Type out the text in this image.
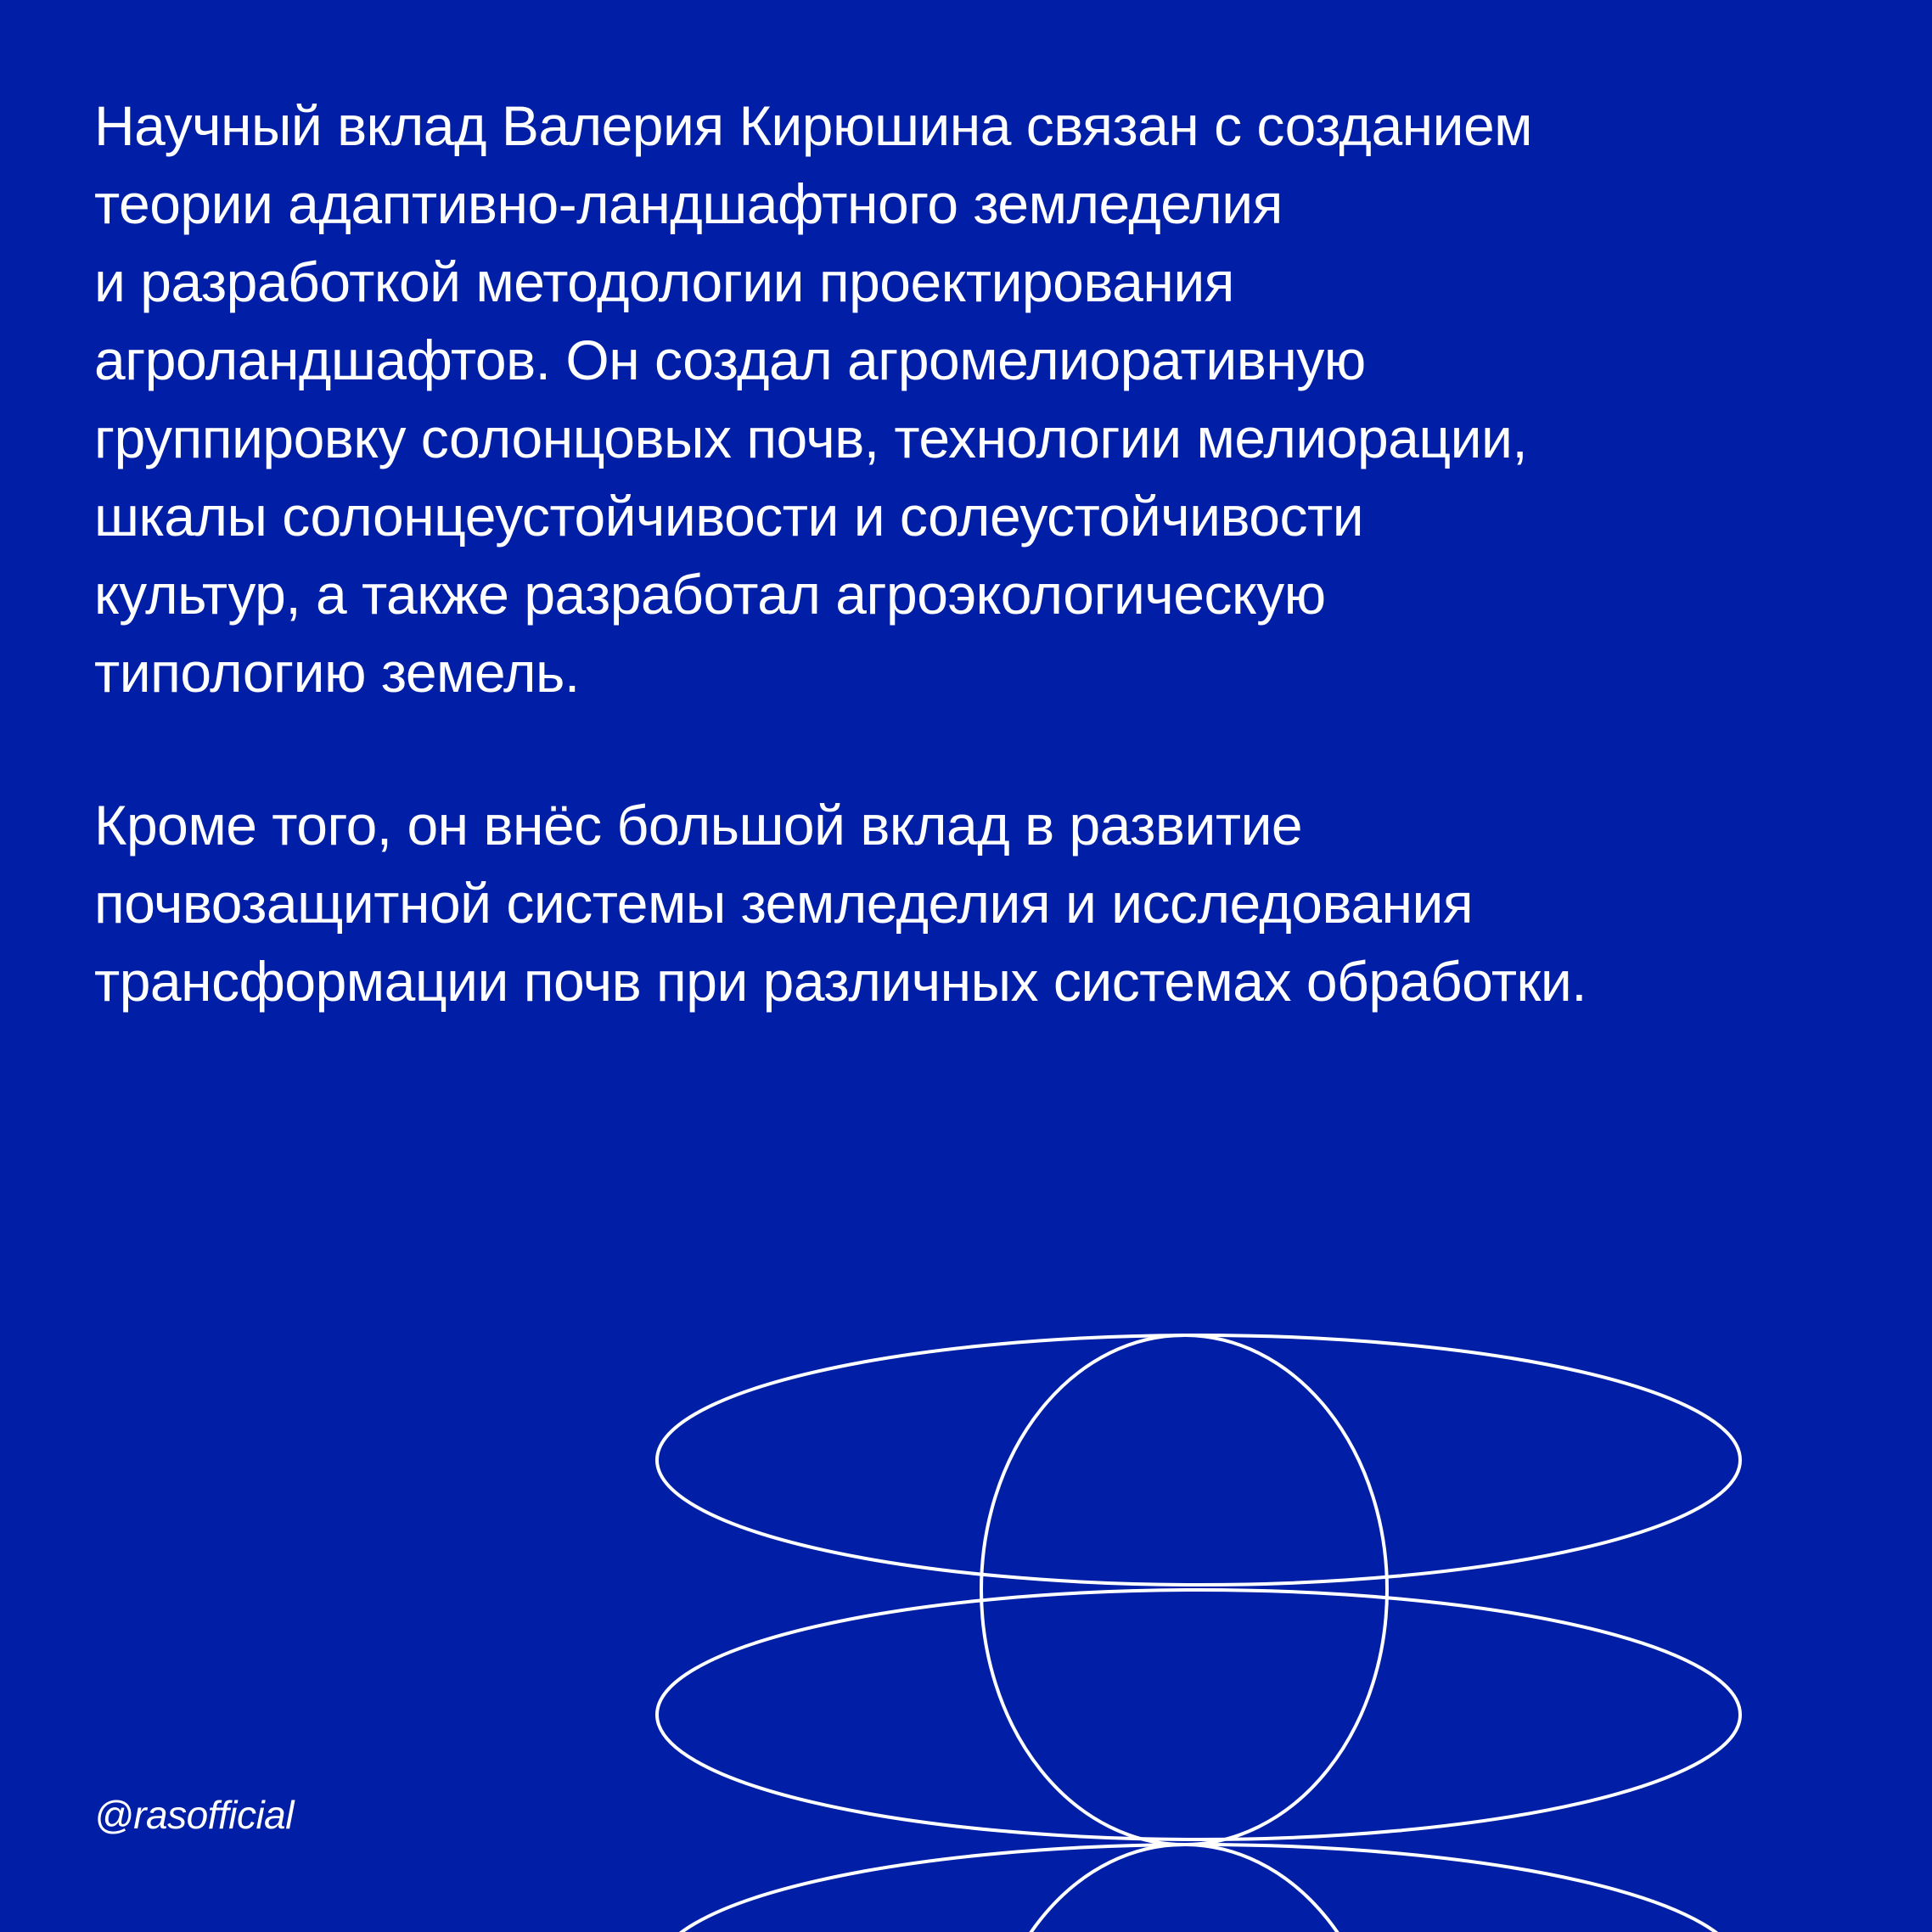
Научный вклад Валерия Кирюшина связан с созданием
теории адаптивно-ландшафтного земледелия
и разработкой методологии проектирования
агроландшафтов. Он создал агромелиоративную
группировку солонцовых почв, технологии мелиорации,
шкалы солонцеустойчивости и солеустойчивости
культур, а также разработал агроэкологическую
типологию земель.
Кроме того, он внёс большой вклад в развитие
почвозащитной системы земледелия и исследования
трансформации почв при различных системах обработки.
@rasofficial
